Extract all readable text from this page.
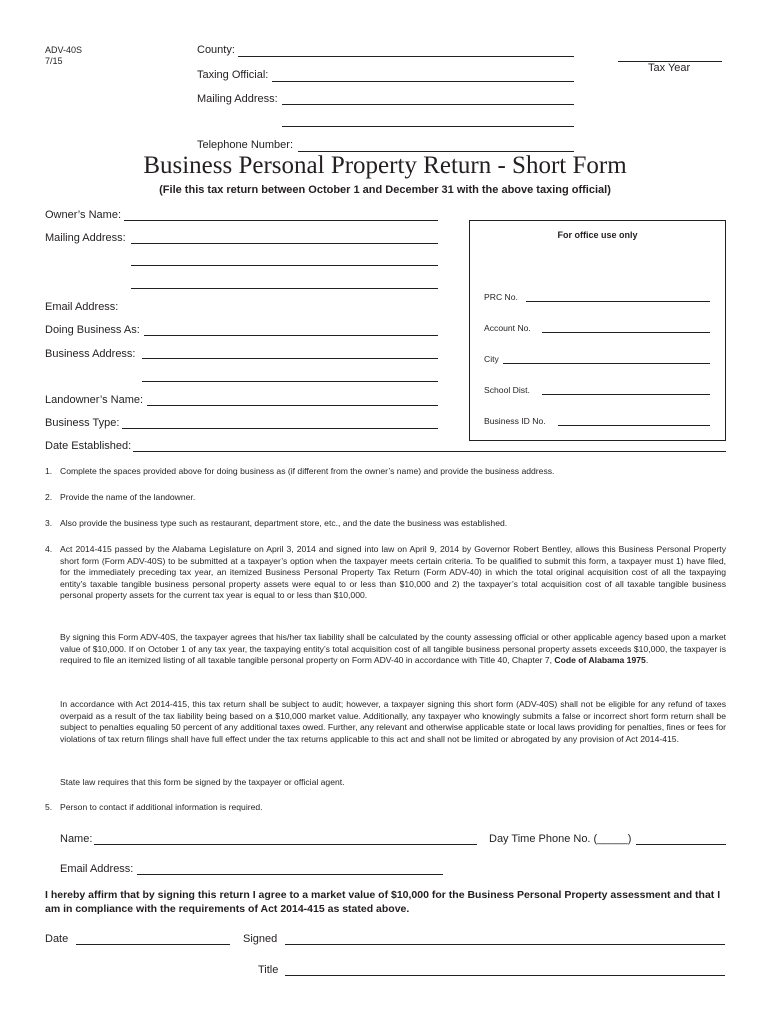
ADV-40S
7/15
County:
Taxing Official:
Mailing Address:
Telephone Number:
Tax Year
Business Personal Property Return - Short Form
(File this tax return between October 1 and December 31 with the above taxing official)
Owner’s Name:
Mailing Address:
Email Address:
Doing Business As:
Business Address:
Landowner’s Name:
Business Type:
Date Established:
For office use only
PRC No.
Account No.
City
School Dist.
Business ID No.
1. Complete the spaces provided above for doing business as (if different from the owner’s name) and provide the business address.
2. Provide the name of the landowner.
3. Also provide the business type such as restaurant, department store, etc., and the date the business was established.
4. Act 2014-415 passed by the Alabama Legislature on April 3, 2014 and signed into law on April 9, 2014 by Governor Robert Bentley, allows this Business Personal Property short form (Form ADV-40S) to be submitted at a taxpayer’s option when the taxpayer meets certain criteria. To be qualified to submit this form, a taxpayer must 1) have filed, for the immediately preceding tax year, an itemized Business Personal Property Tax Return (Form ADV-40) in which the total original acquisition cost of all the taxpaying entity’s taxable tangible business personal property assets were equal to or less than $10,000 and 2) the taxpayer’s total acquisition cost of all taxable tangible business personal property assets for the current tax year is equal to or less than $10,000.
By signing this Form ADV-40S, the taxpayer agrees that his/her tax liability shall be calculated by the county assessing official or other applicable agency based upon a market value of $10,000. If on October 1 of any tax year, the taxpaying entity’s total acquisition cost of all tangible business personal property assets exceeds $10,000, the taxpayer is required to file an itemized listing of all taxable tangible personal property on Form ADV-40 in accordance with Title 40, Chapter 7, Code of Alabama 1975.
In accordance with Act 2014-415, this tax return shall be subject to audit; however, a taxpayer signing this short form (ADV-40S) shall not be eligible for any refund of taxes overpaid as a result of the tax liability being based on a $10,000 market value. Additionally, any taxpayer who knowingly submits a false or incorrect short form return shall be subject to penalties equaling 50 percent of any additional taxes owed. Further, any relevant and otherwise applicable state or local laws providing for penalties, fines or fees for violations of tax return filings shall have full effect under the tax returns applicable to this act and shall not be limited or abrogated by any provision of Act 2014-415.
State law requires that this form be signed by the taxpayer or official agent.
5. Person to contact if additional information is required.
Name:	Day Time Phone No. (_____)
Email Address:
I hereby affirm that by signing this return I agree to a market value of $10,000 for the Business Personal Property assessment and that I am in compliance with the requirements of Act 2014-415 as stated above.
Date	Signed
Title
